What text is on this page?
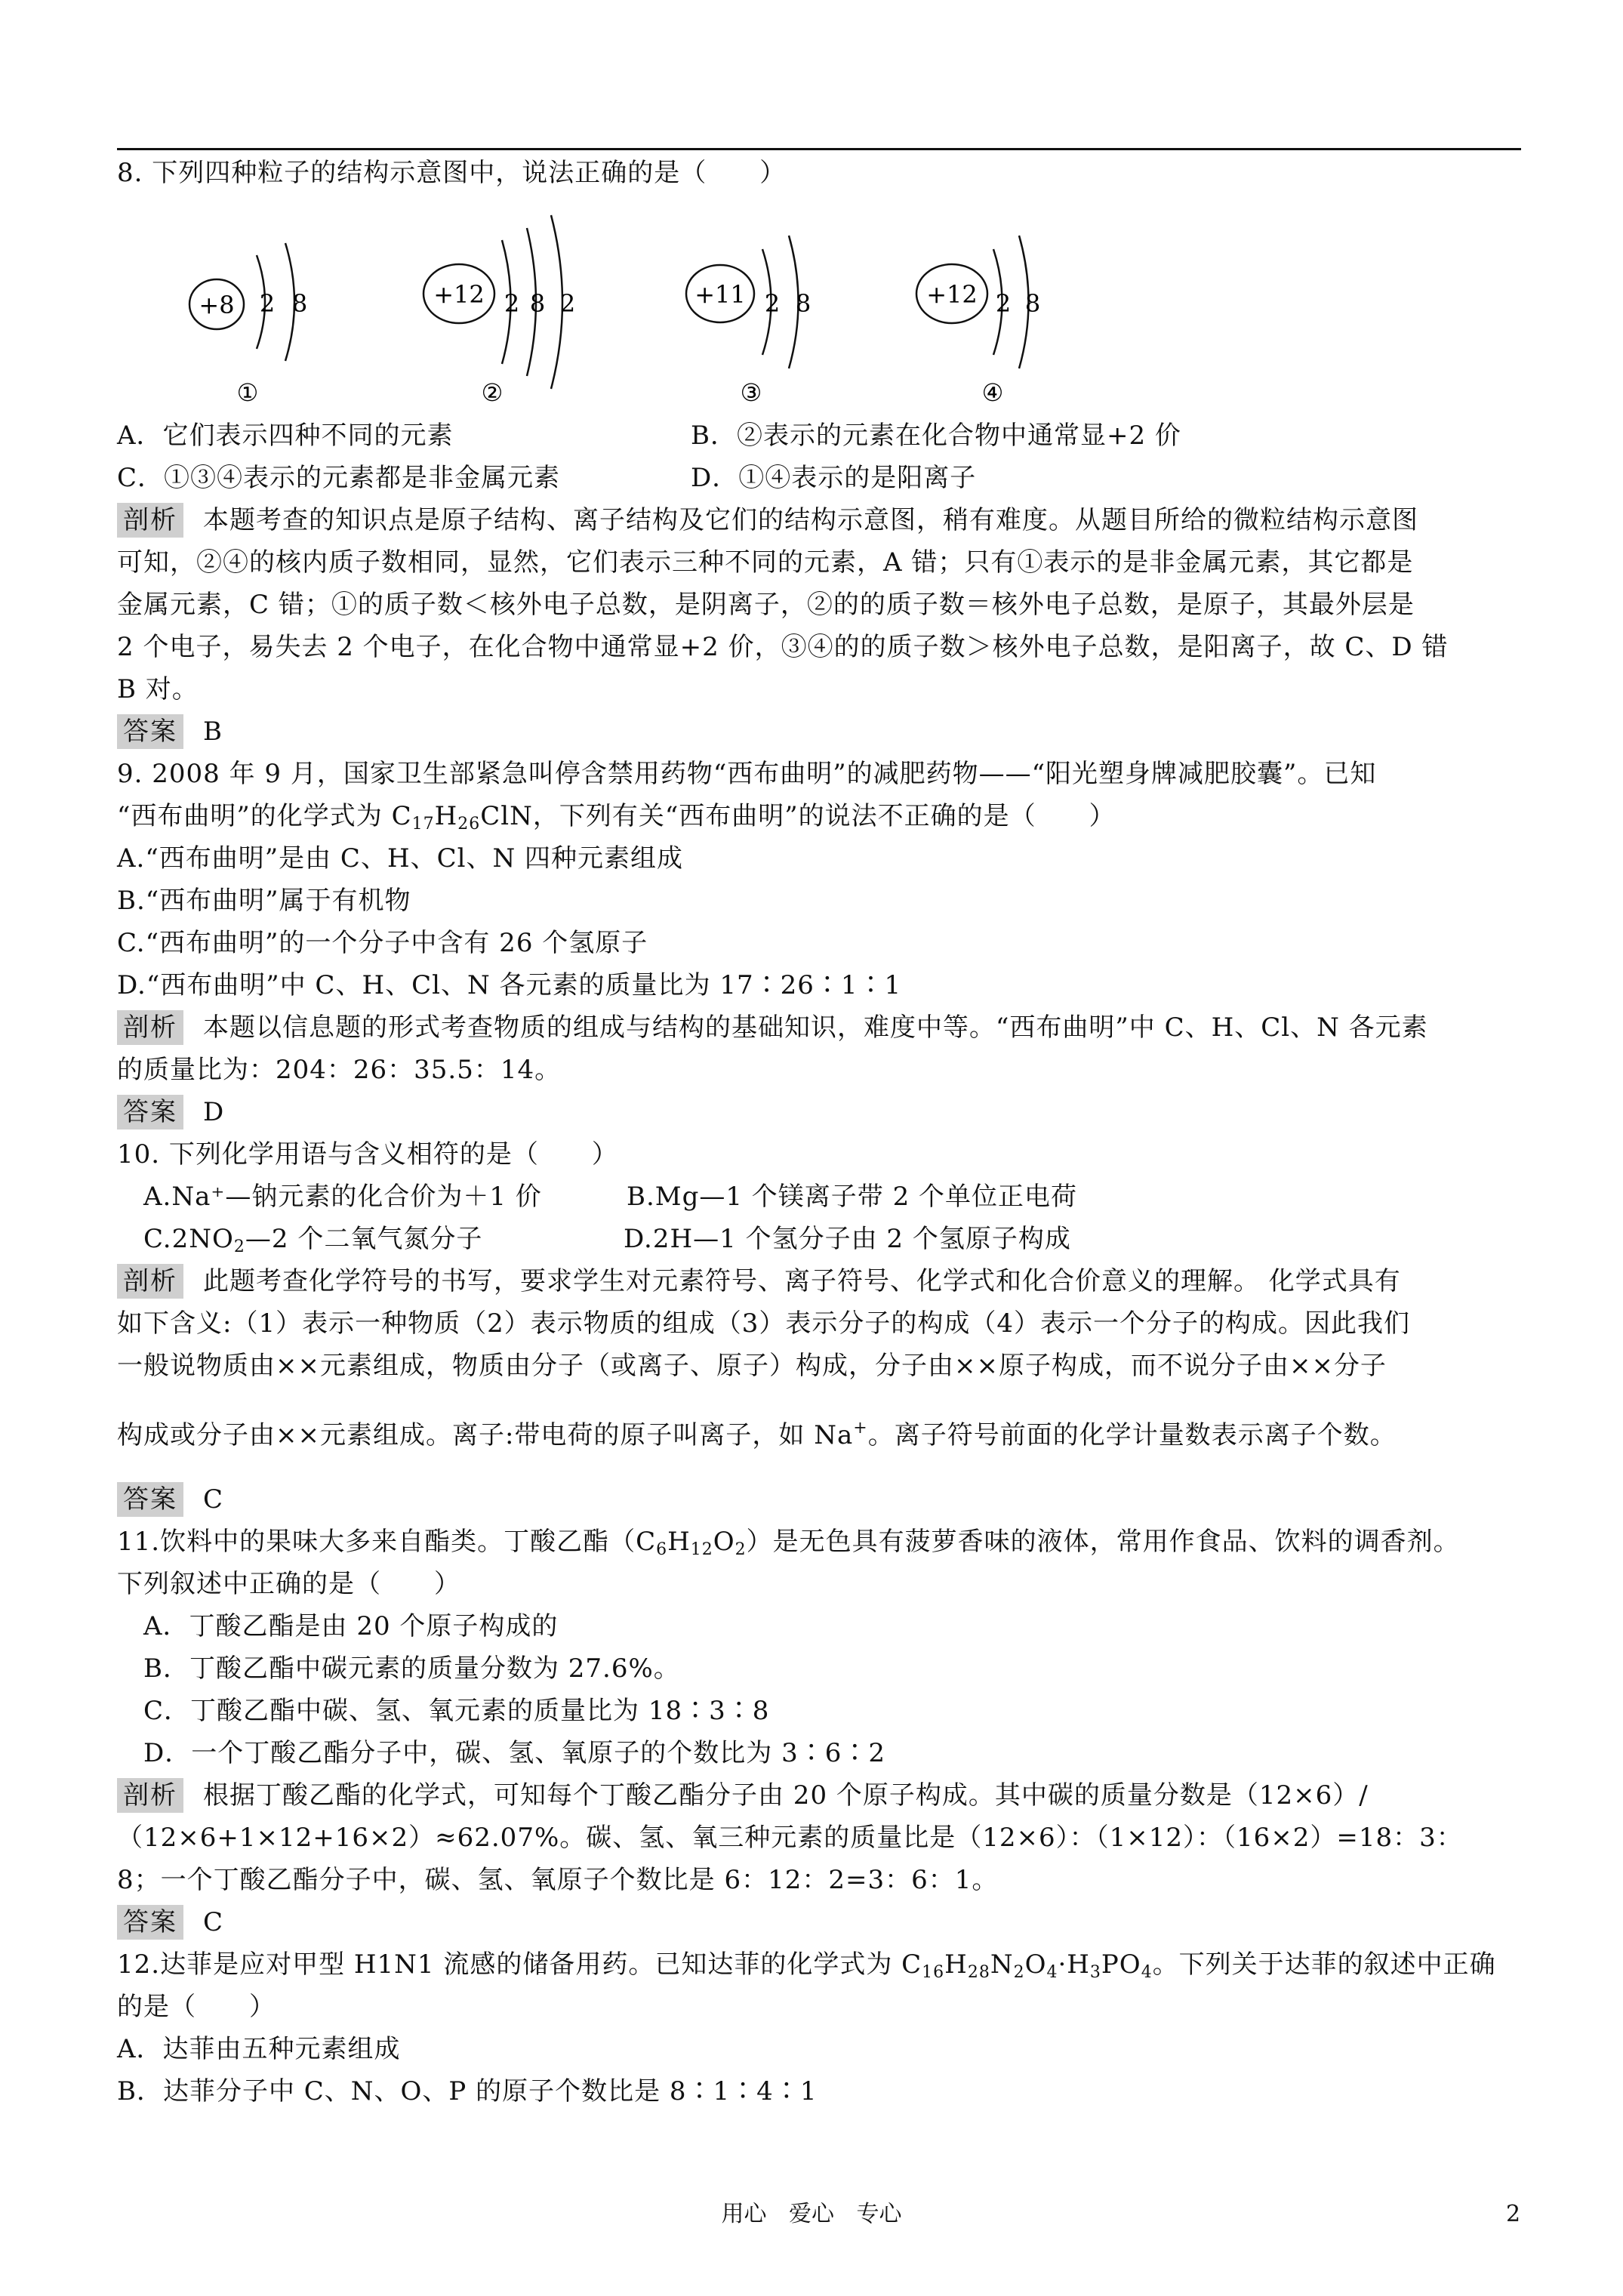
8. 下列四种粒子的结构示意图中，说法正确的是（　　）
+8 2 8
①
+12 2 8 2
②
+11 2 8
③
+12 2 8
④
A．它们表示四种不同的元素	B．②表示的元素在化合物中通常显+2 价
C．①③④表示的元素都是非金属元素	D．①④表示的是阳离子
剖析 本题考查的知识点是原子结构、离子结构及它们的结构示意图，稍有难度。从题目所给的微粒结构示意图
可知，②④的核内质子数相同，显然，它们表示三种不同的元素，A 错；只有①表示的是非金属元素，其它都是
金属元素，C 错；①的质子数＜核外电子总数，是阴离子，②的的质子数＝核外电子总数，是原子，其最外层是
2 个电子，易失去 2 个电子，在化合物中通常显+2 价，③④的的质子数＞核外电子总数，是阳离子，故 C、D 错
B 对。
答案 B
9. 2008 年 9 月，国家卫生部紧急叫停含禁用药物“西布曲明”的减肥药物——“阳光塑身牌减肥胶囊”。已知
“西布曲明”的化学式为 $C_{17}H_{26}ClN$，下列有关“西布曲明”的说法不正确的是（　　）
A.“西布曲明”是由 C、H、Cl、N 四种元素组成
B.“西布曲明”属于有机物
C.“西布曲明”的一个分子中含有 26 个氢原子
D.“西布曲明”中 C、H、Cl、N 各元素的质量比为 17∶26∶1∶1
剖析 本题以信息题的形式考查物质的组成与结构的基础知识，难度中等。“西布曲明”中 C、H、Cl、N 各元素
的质量比为：204：26：35.5：14。
答案 D
10. 下列化学用语与含义相符的是（　　）
A.Na⁺—钠元素的化合价为＋1 价	B.Mg—1 个镁离子带 2 个单位正电荷
$C.2NO_2—2$ 个二氧气氮分子	D.2H—1 个氢分子由 2 个氢原子构成
剖析 此题考查化学符号的书写，要求学生对元素符号、离子符号、化学式和化合价意义的理解。 化学式具有
如下含义:（1）表示一种物质（2）表示物质的组成（3）表示分子的构成（4）表示一个分子的构成。因此我们
一般说物质由××元素组成，物质由分子（或离子、原子）构成，分子由××原子构成，而不说分子由××分子
构成或分子由××元素组成。离子:带电荷的原子叫离子，如 Na+。离子符号前面的化学计量数表示离子个数。
答案 C
11.饮料中的果味大多来自酯类。丁酸乙酯$(C_6H_{12}O_2)$是无色具有菠萝香味的液体，常用作食品、饮料的调香剂。
下列叙述中正确的是（　　）
A．丁酸乙酯是由 20 个原子构成的
B．丁酸乙酯中碳元素的质量分数为 27.6%。
C．丁酸乙酯中碳、氢、氧元素的质量比为 18∶3∶8
D．一个丁酸乙酯分子中，碳、氢、氧原子的个数比为 3∶6∶2
剖析 根据丁酸乙酯的化学式，可知每个丁酸乙酯分子由 20 个原子构成。其中碳的质量分数是（12×6）/
（12×6+1×12+16×2）≈62.07%。碳、氢、氧三种元素的质量比是（12×6）：（1×12）：（16×2）=18：3：
8；一个丁酸乙酯分子中，碳、氢、氧原子个数比是 6：12：2=3：6：1。
答案 C
12.达菲是应对甲型 H1N1 流感的储备用药。已知达菲的化学式为 $C_{16}H_{28}N_2O_4\cdot H_3PO_4$。下列关于达菲的叙述中正确
的是（　　）
A．达菲由五种元素组成
B．达菲分子中 C、N、O、P 的原子个数比是 8∶1∶4∶1
用心 爱心 专心	2
